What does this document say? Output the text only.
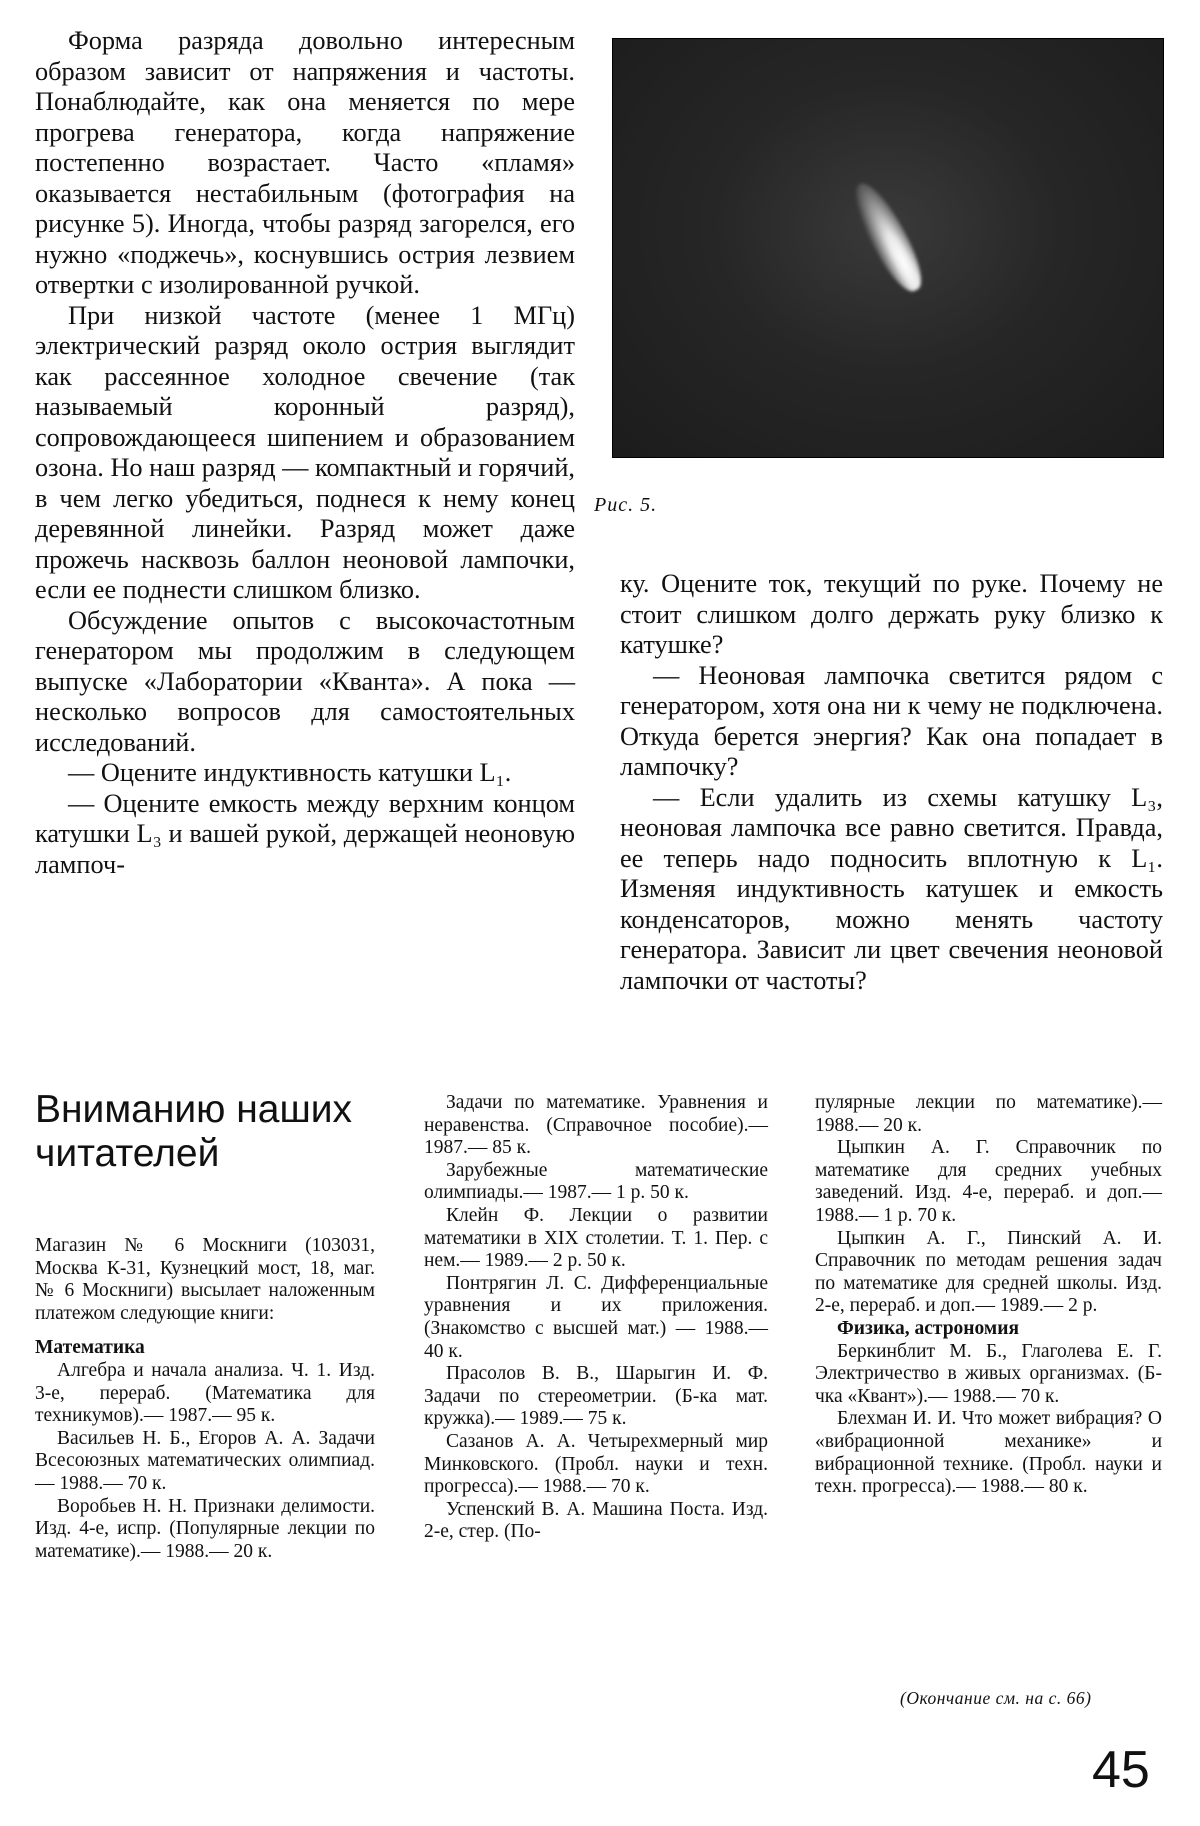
Форма разряда довольно интересным образом зависит от напряжения и частоты. Понаблюдайте, как она меняется по мере прогрева генератора, когда напряжение постепенно возрастает. Часто «пламя» оказывается нестабильным (фотография на рисунке 5). Иногда, чтобы разряд загорелся, его нужно «поджечь», коснувшись острия лезвием отвертки с изолированной ручкой.

При низкой частоте (менее 1 МГц) электрический разряд около острия выглядит как рассеянное холодное свечение (так называемый коронный разряд), сопровождающееся шипением и образованием озона. Но наш разряд — компактный и горячий, в чем легко убедиться, поднеся к нему конец деревянной линейки. Разряд может даже прожечь насквозь баллон неоновой лампочки, если ее поднести слишком близко.

Обсуждение опытов с высокочастотным генератором мы продолжим в следующем выпуске «Лаборатории «Кванта». А пока — несколько вопросов для самостоятельных исследований.

— Оцените индуктивность катушки L₁.

— Оцените емкость между верхним концом катушки L₃ и вашей рукой, держащей неоновую лампоч-

Рис. 5.

ку. Оцените ток, текущий по руке. Почему не стоит слишком долго держать руку близко к катушке?

— Неоновая лампочка светится рядом с генератором, хотя она ни к чему не подключена. Откуда берется энергия? Как она попадает в лампочку?

— Если удалить из схемы катушку L₃, неоновая лампочка все равно светится. Правда, ее теперь надо подносить вплотную к L₁. Изменяя индуктивность катушек и емкость конденсаторов, можно менять частоту генератора. Зависит ли цвет свечения неоновой лампочки от частоты?

Вниманию наших читателей

Магазин № 6 Москниги (103031, Москва К-31, Кузнецкий мост, 18, маг. № 6 Москниги) высылает наложенным платежом следующие книги:

Математика

Алгебра и начала анализа. Ч. 1. Изд. 3-е, перераб. (Математика для техникумов).— 1987.— 95 к.

Васильев Н. Б., Егоров А. А. Задачи Всесоюзных математических олимпиад.— 1988.— 70 к.

Воробьев Н. Н. Признаки делимости. Изд. 4-е, испр. (Популярные лекции по математике).— 1988.— 20 к.

Задачи по математике. Уравнения и неравенства. (Справочное пособие).— 1987.— 85 к.

Зарубежные математические олимпиады.— 1987.— 1 р. 50 к.

Клейн Ф. Лекции о развитии математики в XIX столетии. Т. 1. Пер. с нем.— 1989.— 2 р. 50 к.

Понтрягин Л. С. Дифференциальные уравнения и их приложения. (Знакомство с высшей мат.) — 1988.— 40 к.

Прасолов В. В., Шарыгин И. Ф. Задачи по стереометрии. (Б-ка мат. кружка).— 1989.— 75 к.

Сазанов А. А. Четырехмерный мир Минковского. (Пробл. науки и техн. прогресса).— 1988.— 70 к.

Успенский В. А. Машина Поста. Изд. 2-е, стер. (По-

пулярные лекции по математике).— 1988.— 20 к.

Цыпкин А. Г. Справочник по математике для средних учебных заведений. Изд. 4-е, перераб. и доп.— 1988.— 1 р. 70 к.

Цыпкин А. Г., Пинский А. И. Справочник по методам решения задач по математике для средней школы. Изд. 2-е, перераб. и доп.— 1989.— 2 р.

Физика, астрономия

Беркинблит М. Б., Глаголева Е. Г. Электричество в живых организмах. (Б-чка «Квант»).— 1988.— 70 к.

Блехман И. И. Что может вибрация? О «вибрационной механике» и вибрационной технике. (Пробл. науки и техн. прогресса).— 1988.— 80 к.

(Окончание см. на с. 66)
45
